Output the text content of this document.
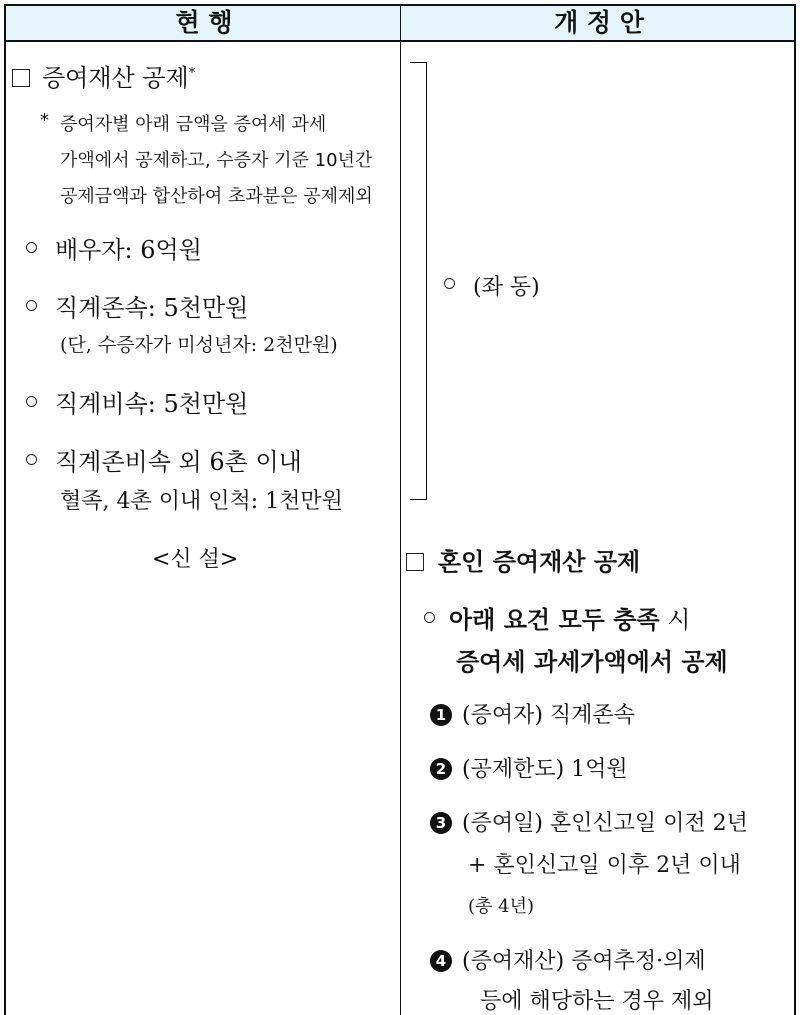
현 행	개 정 안
증여재산 공제*
* 증여자별 아래 금액을 증여세 과세
가액에서 공제하고, 수증자 기준 10년간
공제금액과 합산하여 초과분은 공제제외
배우자: 6억원
직계존속: 5천만원
(단, 수증자가 미성년자: 2천만원)
직계비속: 5천만원
직계존비속 외 6촌 이내
혈족, 4촌 이내 인척: 1천만원
<신 설>
(좌 동)
혼인 증여재산 공제
아래 요건 모두 충족 시
증여세 과세가액에서 공제
1 (증여자) 직계존속
2 (공제한도) 1억원
3 (증여일) 혼인신고일 이전 2년
+ 혼인신고일 이후 2년 이내
(총 4년)
4 (증여재산) 증여추정·의제
등에 해당하는 경우 제외
